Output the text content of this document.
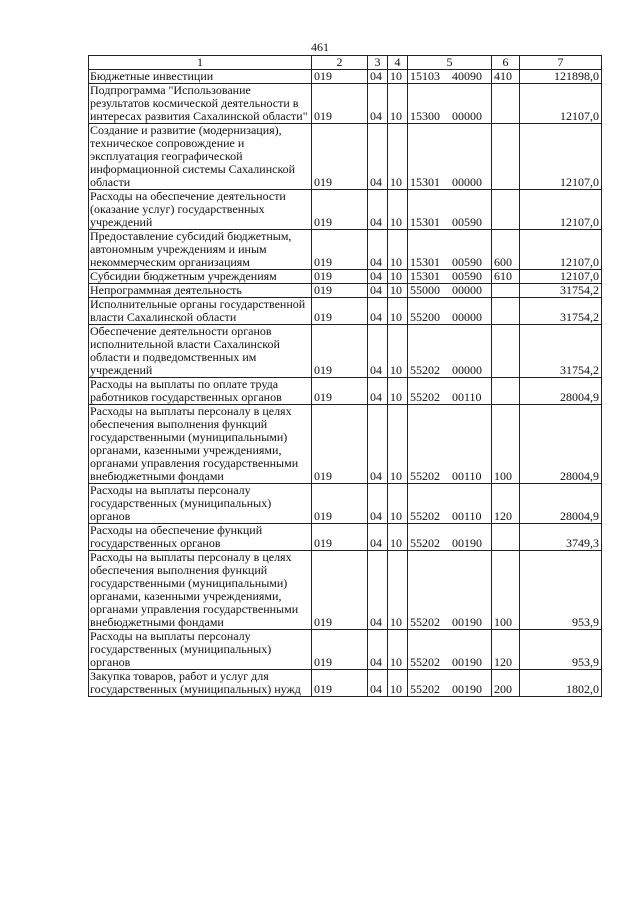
461
1	2	3	4	5	6	7
Бюджетные инвестиции	019	04	10	15103 40090	410	121898,0
Подпрограмма "Использование результатов космической деятельности в интересах развития Сахалинской области"	019	04	10	15300 00000		12107,0
Создание и развитие (модернизация), техническое сопровождение и эксплуатация географической информационной системы Сахалинской области	019	04	10	15301 00000		12107,0
Расходы на обеспечение деятельности (оказание услуг) государственных учреждений	019	04	10	15301 00590		12107,0
Предоставление субсидий бюджетным, автономным учреждениям и иным некоммерческим организациям	019	04	10	15301 00590	600	12107,0
Субсидии бюджетным учреждениям	019	04	10	15301 00590	610	12107,0
Непрограммная деятельность	019	04	10	55000 00000		31754,2
Исполнительные органы государственной власти Сахалинской области	019	04	10	55200 00000		31754,2
Обеспечение деятельности органов исполнительной власти Сахалинской области и подведомственных им учреждений	019	04	10	55202 00000		31754,2
Расходы на выплаты по оплате труда работников государственных органов	019	04	10	55202 00110		28004,9
Расходы на выплаты персоналу в целях обеспечения выполнения функций государственными (муниципальными) органами, казенными учреждениями, органами управления государственными внебюджетными фондами	019	04	10	55202 00110	100	28004,9
Расходы на выплаты персоналу государственных (муниципальных) органов	019	04	10	55202 00110	120	28004,9
Расходы на обеспечение функций государственных органов	019	04	10	55202 00190		3749,3
Расходы на выплаты персоналу в целях обеспечения выполнения функций государственными (муниципальными) органами, казенными учреждениями, органами управления государственными внебюджетными фондами	019	04	10	55202 00190	100	953,9
Расходы на выплаты персоналу государственных (муниципальных) органов	019	04	10	55202 00190	120	953,9
Закупка товаров, работ и услуг для государственных (муниципальных) нужд	019	04	10	55202 00190	200	1802,0
